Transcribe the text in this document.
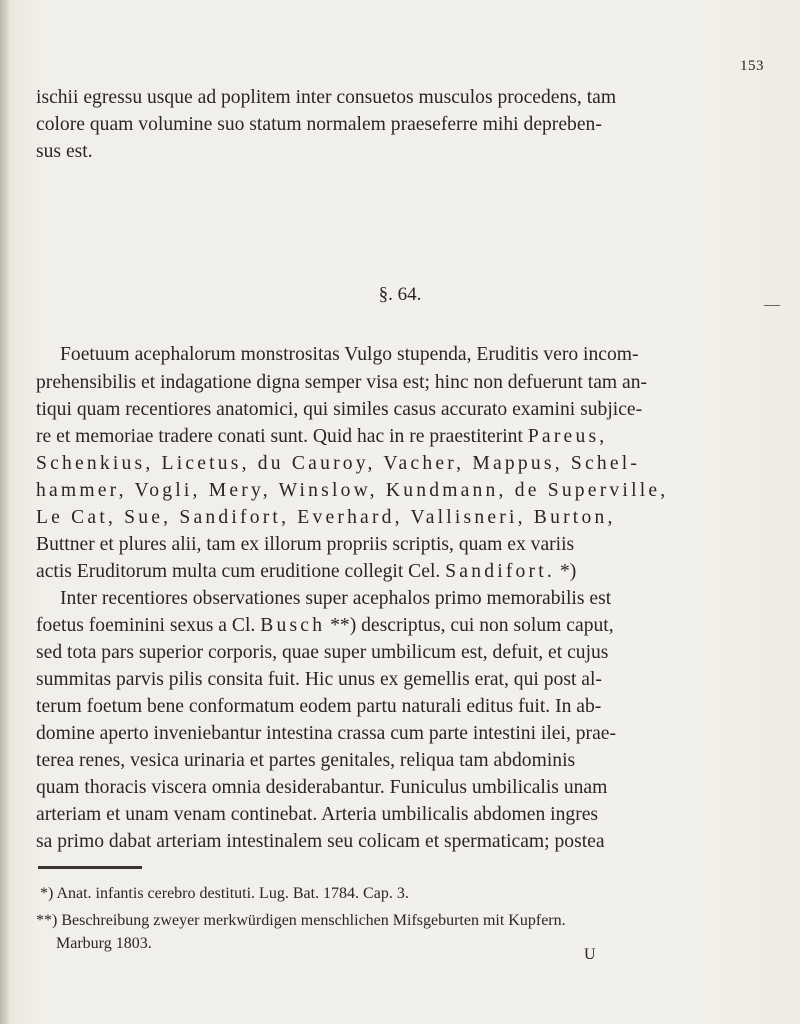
153
ischii egressu usque ad poplitem inter consuetos musculos procedens, tam
colore quam volumine suo statum normalem praeseferre mihi depreben-
sus est.
§. 64.
Foetuum acephalorum monstrositas Vulgo stupenda, Eruditis vero incom-
prehensibilis et indagatione digna semper visa est; hinc non defuerunt tam an-
tiqui quam recentiores anatomici, qui similes casus accurato examini subjice-
re et memoriae tradere conati sunt. Quid hac in re praestiterint Pareus,
Schenkius, Licetus, du Cauroy, Vacher, Mappus, Schel-
hammer, Vogli, Mery, Winslow, Kundmann, de Superville,
Le Cat, Sue, Sandifort, Everhard, Vallisneri, Burton,
Buttner et plures alii, tam ex illorum propriis scriptis, quam ex variis
actis Eruditorum multa cum eruditione collegit Cel. Sandifort. *)
Inter recentiores observationes super acephalos primo memorabilis est
foetus foeminini sexus a Cl. Busch **) descriptus, cui non solum caput,
sed tota pars superior corporis, quae super umbilicum est, defuit, et cujus
summitas parvis pilis consita fuit. Hic unus ex gemellis erat, qui post al-
terum foetum bene conformatum eodem partu naturali editus fuit. In ab-
domine aperto inveniebantur intestina crassa cum parte intestini ilei, prae-
terea renes, vesica urinaria et partes genitales, reliqua tam abdominis
quam thoracis viscera omnia desiderabantur. Funiculus umbilicalis unam
arteriam et unam venam continebat. Arteria umbilicalis abdomen ingres
sa primo dabat arteriam intestinalem seu colicam et spermaticam; postea
*) Anat. infantis cerebro destituti. Lug. Bat. 1784. Cap. 3.
**) Beschreibung zweyer merkwürdigen menschlichen Mifsgeburten mit Kupfern.
Marburg 1803.
U
